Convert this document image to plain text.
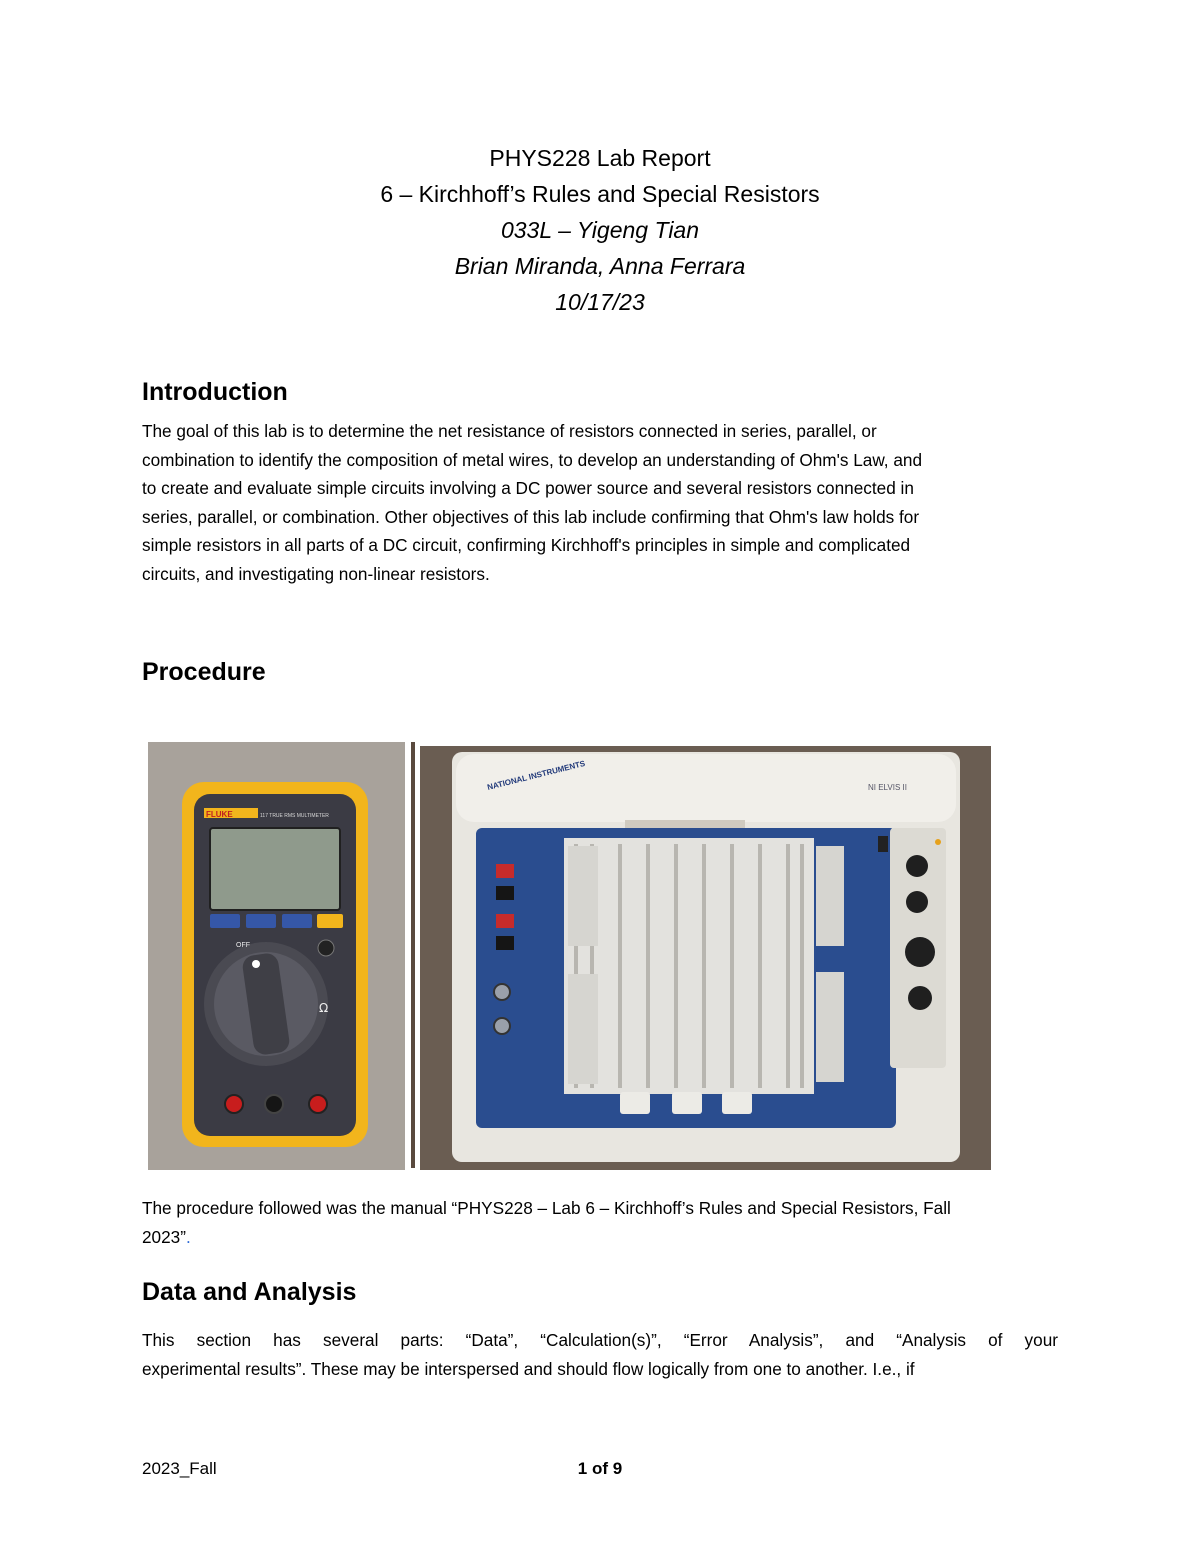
PHYS228 Lab Report
6 – Kirchhoff’s Rules and Special Resistors
033L – Yigeng Tian
Brian Miranda, Anna Ferrara
10/17/23
Introduction
The goal of this lab is to determine the net resistance of resistors connected in series, parallel, or
combination to identify the composition of metal wires, to develop an understanding of Ohm's Law, and
to create and evaluate simple circuits involving a DC power source and several resistors connected in
series, parallel, or combination. Other objectives of this lab include confirming that Ohm's law holds for
simple resistors in all parts of a DC circuit, confirming Kirchhoff's principles in simple and complicated
circuits, and investigating non-linear resistors.
Procedure
FLUKE	117 TRUE RMS MULTIMETER
Ω
OFF
NATIONAL INSTRUMENTS	NI ELVIS II
The procedure followed was the manual “PHYS228 – Lab 6 – Kirchhoff’s Rules and Special Resistors, Fall
2023”.
Data and Analysis
This section has several parts: “Data”, “Calculation(s)”, “Error Analysis”, and “Analysis of your
experimental results”. These may be interspersed and should flow logically from one to another. I.e., if
2023_Fall	1 of 9
